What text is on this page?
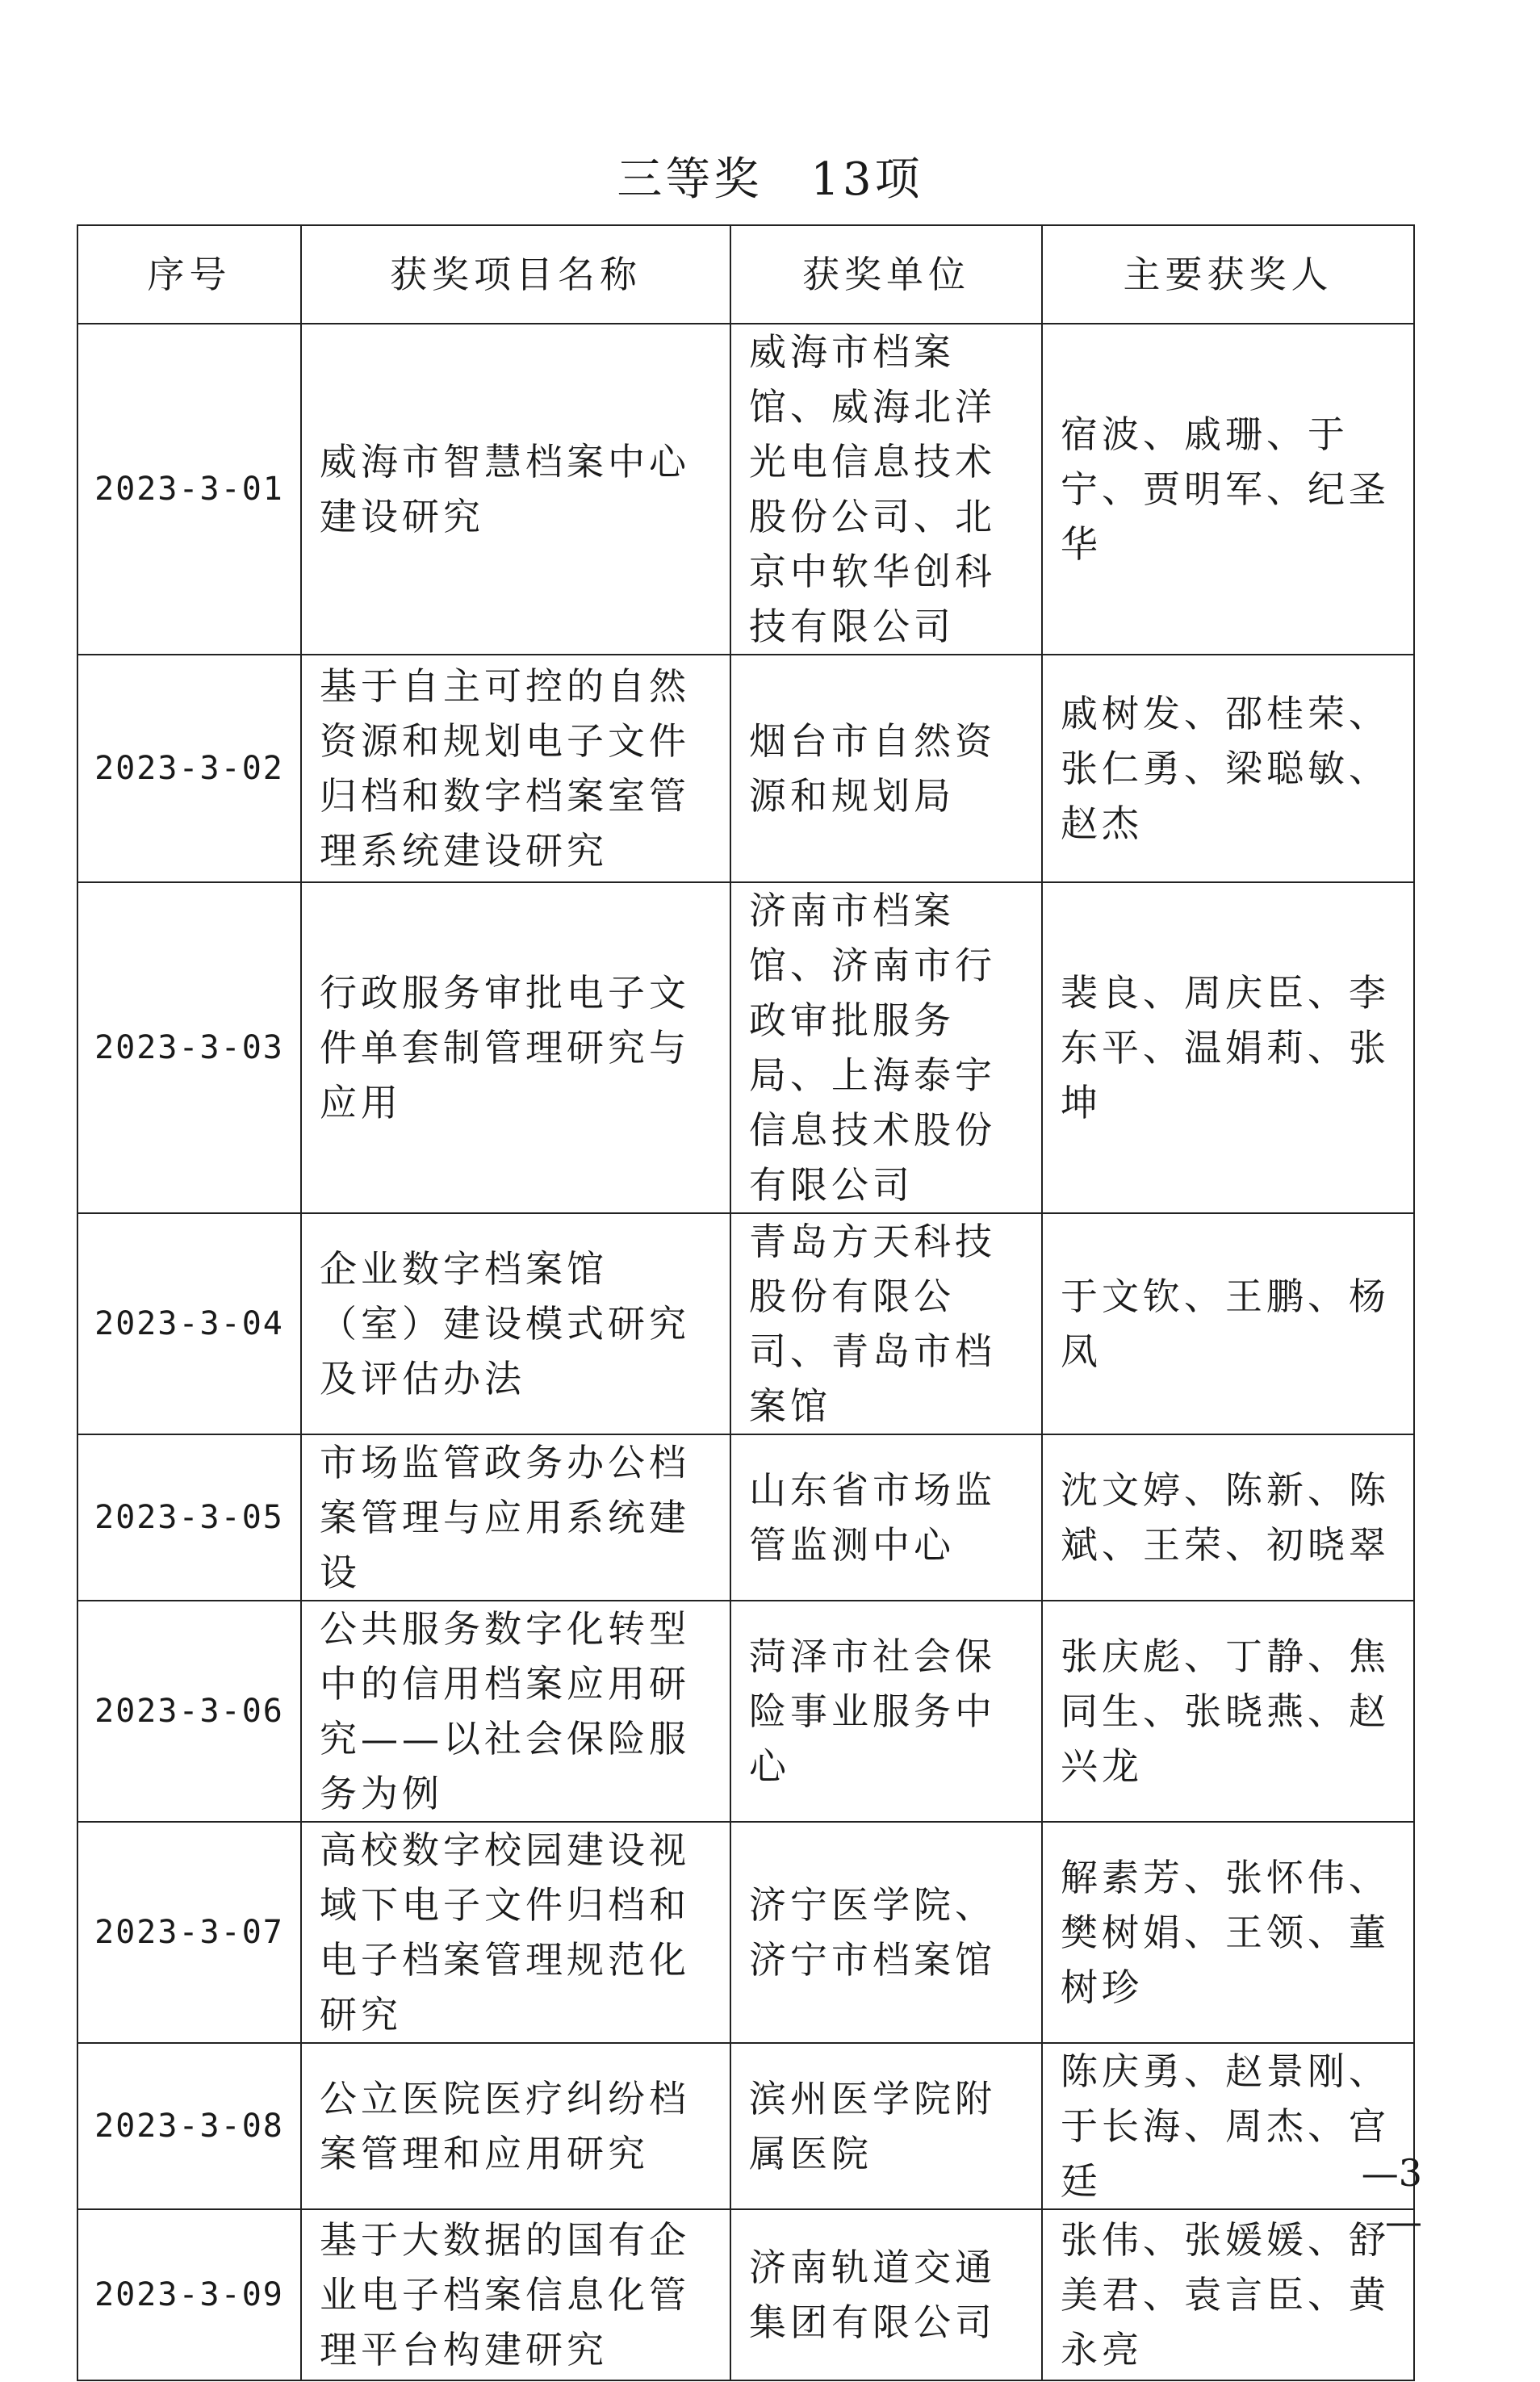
三等奖　13项
序号	获奖项目名称	获奖单位	主要获奖人
2023-3-01	威海市智慧档案中心建设研究	威海市档案馆、威海北洋光电信息技术股份公司、北京中软华创科技有限公司	宿波、戚珊、于宁、贾明军、纪圣华
2023-3-02	基于自主可控的自然资源和规划电子文件归档和数字档案室管理系统建设研究	烟台市自然资源和规划局	戚树发、邵桂荣、张仁勇、梁聪敏、赵杰
2023-3-03	行政服务审批电子文件单套制管理研究与应用	济南市档案馆、济南市行政审批服务局、上海泰宇信息技术股份有限公司	裴良、周庆臣、李东平、温娟莉、张坤
2023-3-04	企业数字档案馆（室）建设模式研究及评估办法	青岛方天科技股份有限公司、青岛市档案馆	于文钦、王鹏、杨凤
2023-3-05	市场监管政务办公档案管理与应用系统建设	山东省市场监管监测中心	沈文婷、陈新、陈斌、王荣、初晓翠
2023-3-06	公共服务数字化转型中的信用档案应用研究——以社会保险服务为例	菏泽市社会保险事业服务中心	张庆彪、丁静、焦同生、张晓燕、赵兴龙
2023-3-07	高校数字校园建设视域下电子文件归档和电子档案管理规范化研究	济宁医学院、济宁市档案馆	解素芳、张怀伟、樊树娟、王领、董树珍
2023-3-08	公立医院医疗纠纷档案管理和应用研究	滨州医学院附属医院	陈庆勇、赵景刚、于长海、周杰、宫廷
2023-3-09	基于大数据的国有企业电子档案信息化管理平台构建研究	济南轨道交通集团有限公司	张伟、张媛媛、舒美君、袁言臣、黄永亮
—3—
